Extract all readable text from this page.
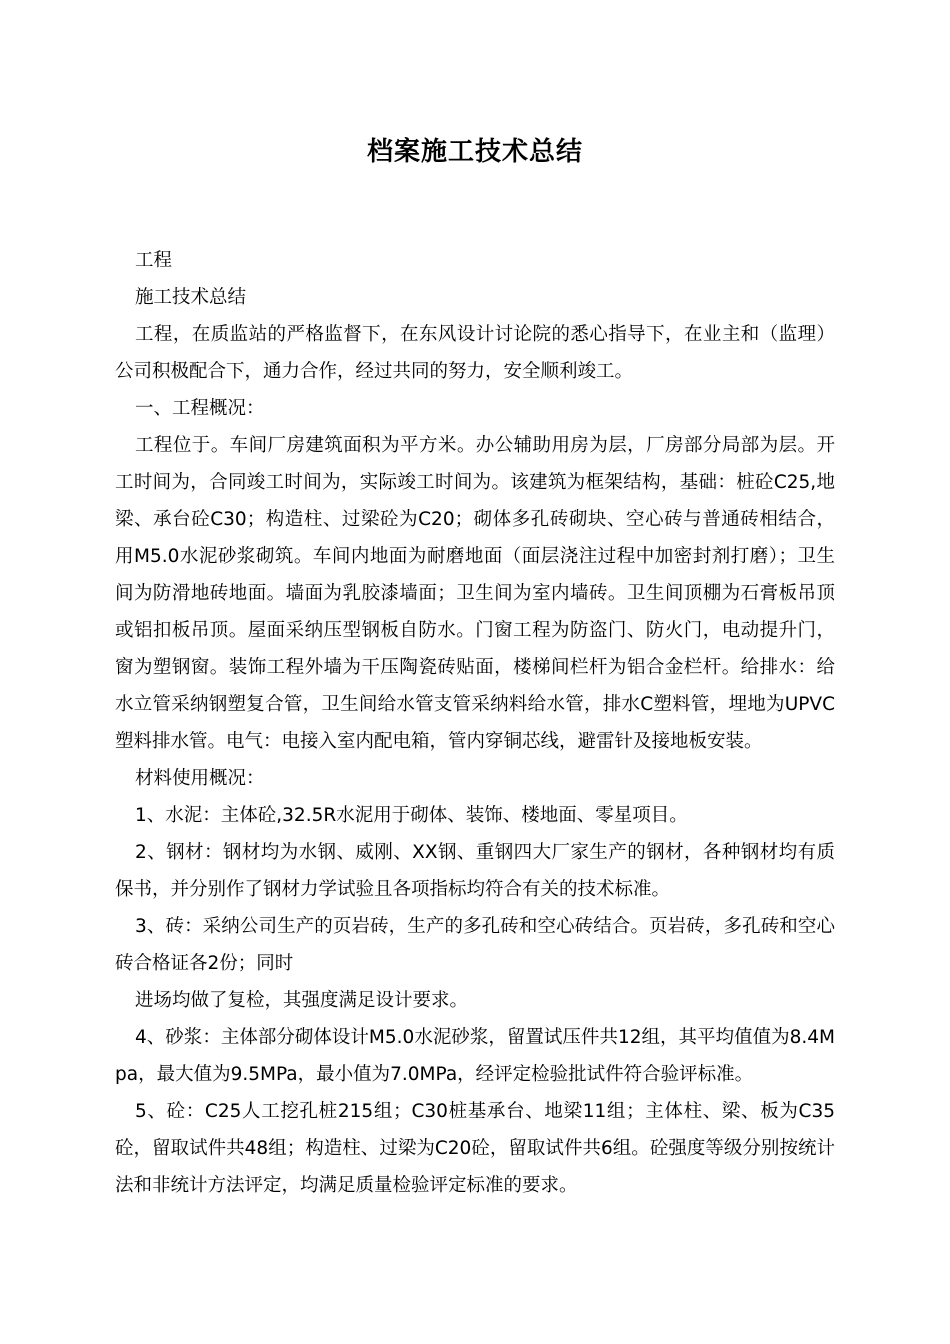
档案施工技术总结

工程

施工技术总结

工程，在质监站的严格监督下，在东风设计讨论院的悉心指导下，在业主和（监理）公司积极配合下，通力合作，经过共同的努力，安全顺利竣工。

一、工程概况：

工程位于。车间厂房建筑面积为平方米。办公辅助用房为层，厂房部分局部为层。开工时间为，合同竣工时间为，实际竣工时间为。该建筑为框架结构，基础：桩砼C25,地梁、承台砼C30；构造柱、过梁砼为C20；砌体多孔砖砌块、空心砖与普通砖相结合，用M5.0水泥砂浆砌筑。车间内地面为耐磨地面（面层浇注过程中加密封剂打磨）；卫生间为防滑地砖地面。墙面为乳胶漆墙面；卫生间为室内墙砖。卫生间顶棚为石膏板吊顶或铝扣板吊顶。屋面采纳压型钢板自防水。门窗工程为防盗门、防火门，电动提升门，窗为塑钢窗。装饰工程外墙为干压陶瓷砖贴面，楼梯间栏杆为铝合金栏杆。给排水：给水立管采纳钢塑复合管，卫生间给水管支管采纳料给水管，排水C塑料管，埋地为UPVC塑料排水管。电气：电接入室内配电箱，管内穿铜芯线，避雷针及接地板安装。

材料使用概况：

1、水泥：主体砼,32.5R水泥用于砌体、装饰、楼地面、零星项目。

2、钢材：钢材均为水钢、威刚、XX钢、重钢四大厂家生产的钢材，各种钢材均有质保书，并分别作了钢材力学试验且各项指标均符合有关的技术标准。

3、砖：采纳公司生产的页岩砖，生产的多孔砖和空心砖结合。页岩砖，多孔砖和空心砖合格证各2份；同时

进场均做了复检，其强度满足设计要求。

4、砂浆：主体部分砌体设计M5.0水泥砂浆，留置试压件共12组，其平均值值为8.4Mpa，最大值为9.5MPa，最小值为7.0MPa，经评定检验批试件符合验评标准。

5、砼：C25人工挖孔桩215组；C30桩基承台、地梁11组；主体柱、梁、板为C35砼，留取试件共48组；构造柱、过梁为C20砼，留取试件共6组。砼强度等级分别按统计法和非统计方法评定，均满足质量检验评定标准的要求。
